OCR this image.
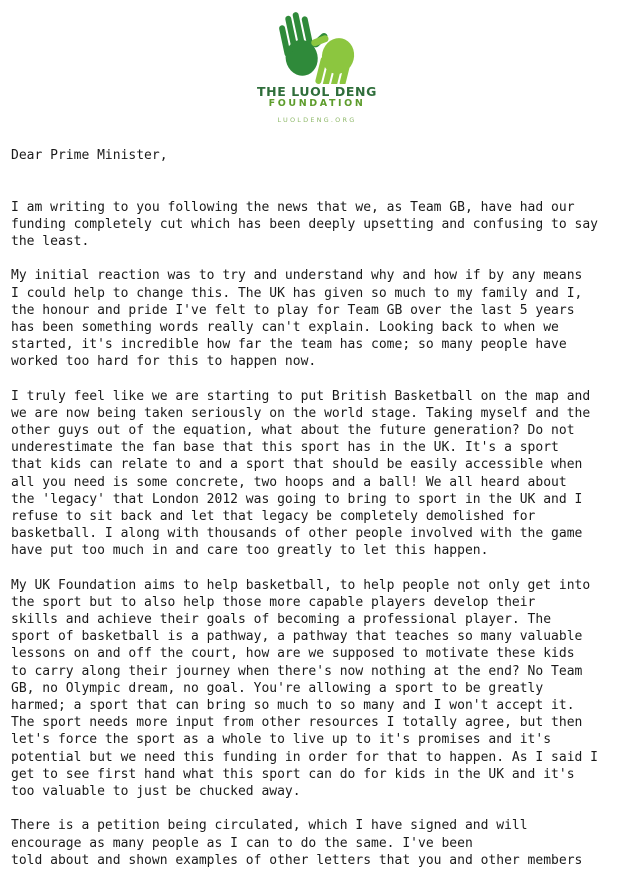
THE LUOL DENG
FOUNDATION
LUOLDENG.ORG
Dear Prime Minister,
I am writing to you following the news that we, as Team GB, have had our
funding completely cut which has been deeply upsetting and confusing to say
the least.
My initial reaction was to try and understand why and how if by any means
I could help to change this. The UK has given so much to my family and I,
the honour and pride I've felt to play for Team GB over the last 5 years
has been something words really can't explain. Looking back to when we
started, it's incredible how far the team has come; so many people have
worked too hard for this to happen now.
I truly feel like we are starting to put British Basketball on the map and
we are now being taken seriously on the world stage. Taking myself and the
other guys out of the equation, what about the future generation? Do not
underestimate the fan base that this sport has in the UK. It's a sport
that kids can relate to and a sport that should be easily accessible when
all you need is some concrete, two hoops and a ball! We all heard about
the 'legacy' that London 2012 was going to bring to sport in the UK and I
refuse to sit back and let that legacy be completely demolished for
basketball. I along with thousands of other people involved with the game
have put too much in and care too greatly to let this happen.
My UK Foundation aims to help basketball, to help people not only get into
the sport but to also help those more capable players develop their
skills and achieve their goals of becoming a professional player. The
sport of basketball is a pathway, a pathway that teaches so many valuable
lessons on and off the court, how are we supposed to motivate these kids
to carry along their journey when there's now nothing at the end? No Team
GB, no Olympic dream, no goal. You're allowing a sport to be greatly
harmed; a sport that can bring so much to so many and I won't accept it.
The sport needs more input from other resources I totally agree, but then
let's force the sport as a whole to live up to it's promises and it's
potential but we need this funding in order for that to happen. As I said I
get to see first hand what this sport can do for kids in the UK and it's
too valuable to just be chucked away.
There is a petition being circulated, which I have signed and will
encourage as many people as I can to do the same. I've been
told about and shown examples of other letters that you and other members
